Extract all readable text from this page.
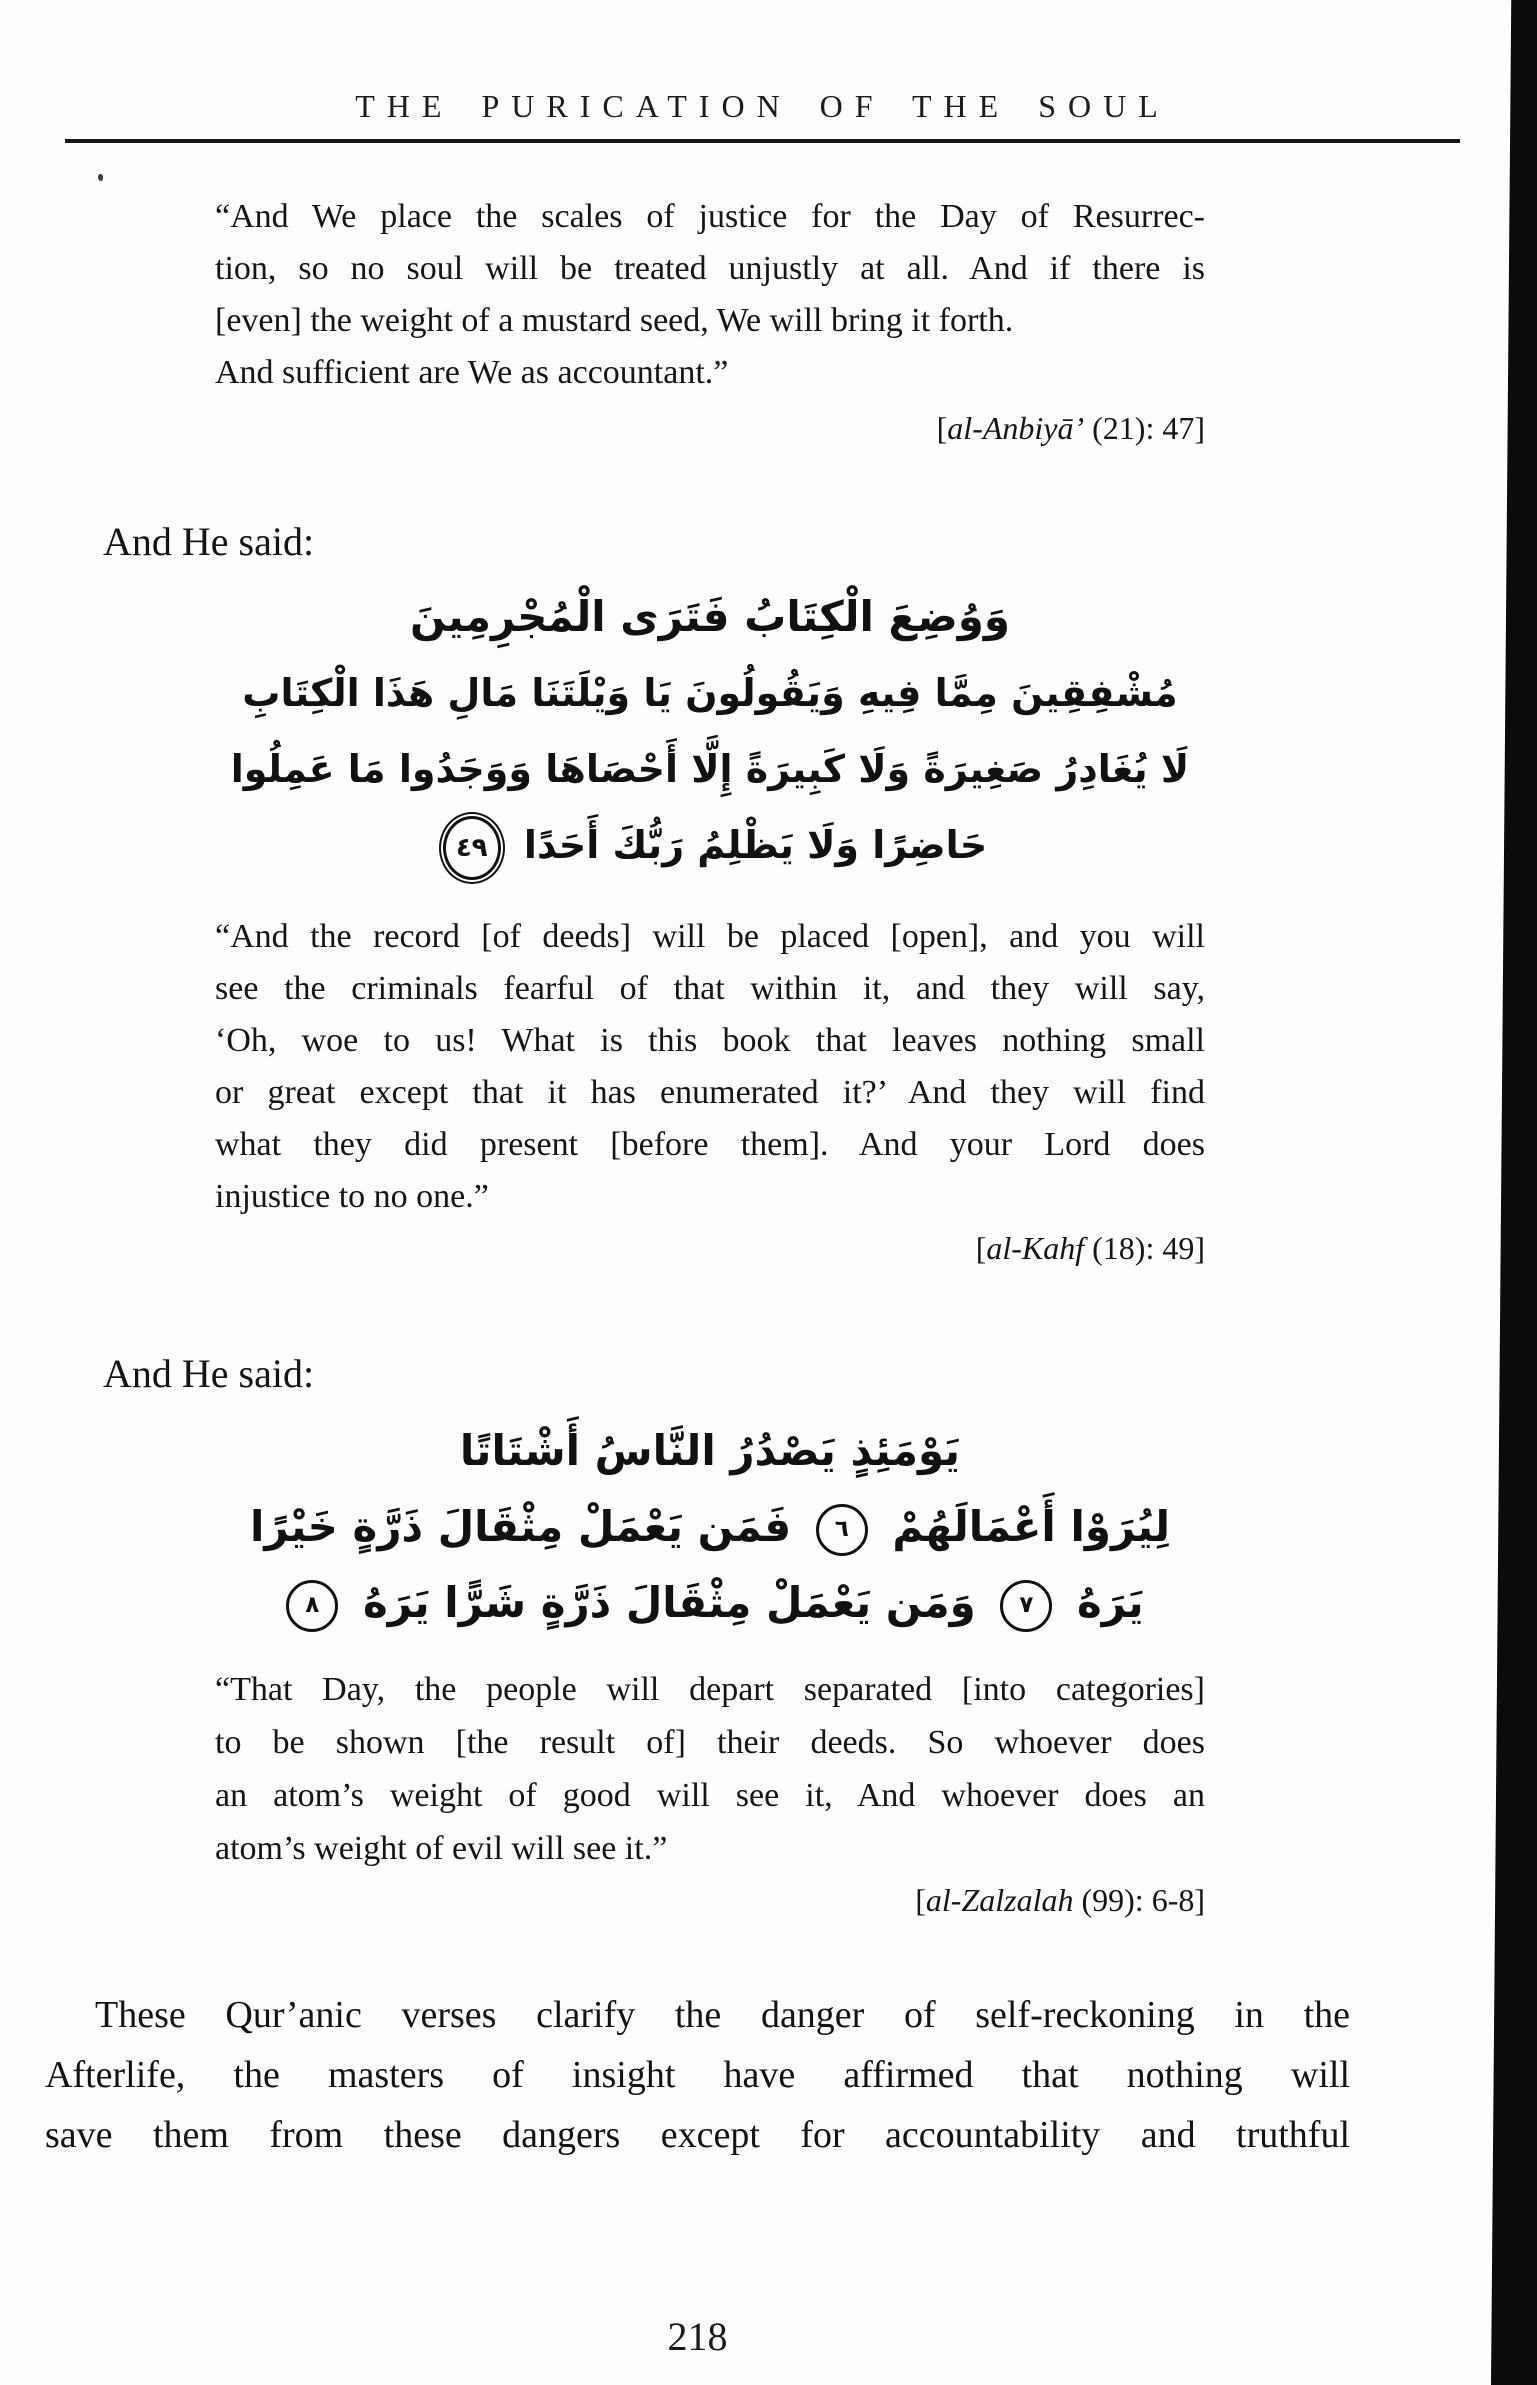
THE PURICATION OF THE SOUL
“And We place the scales of justice for the Day of Resurrec-
tion, so no soul will be treated unjustly at all. And if there is
[even] the weight of a mustard seed, We will bring it forth.
And sufficient are We as accountant.”
[al-Anbiyā’ (21): 47]
And He said:
وَوُضِعَ الْكِتَابُ فَتَرَى الْمُجْرِمِينَ
مُشْفِقِينَ مِمَّا فِيهِ وَيَقُولُونَ يَا وَيْلَتَنَا مَالِ هَذَا الْكِتَابِ
لَا يُغَادِرُ صَغِيرَةً وَلَا كَبِيرَةً إِلَّا أَحْصَاهَا وَوَجَدُوا مَا عَمِلُوا
حَاضِرًا وَلَا يَظْلِمُ رَبُّكَ أَحَدًا ٤٩
“And the record [of deeds] will be placed [open], and you will
see the criminals fearful of that within it, and they will say,
‘Oh, woe to us! What is this book that leaves nothing small
or great except that it has enumerated it?’ And they will find
what they did present [before them]. And your Lord does
injustice to no one.”
[al-Kahf (18): 49]
And He said:
يَوْمَئِذٍ يَصْدُرُ النَّاسُ أَشْتَاتًا
لِيُرَوْا أَعْمَالَهُمْ ٦ فَمَن يَعْمَلْ مِثْقَالَ ذَرَّةٍ خَيْرًا
يَرَهُ ٧ وَمَن يَعْمَلْ مِثْقَالَ ذَرَّةٍ شَرًّا يَرَهُ ٨
“That Day, the people will depart separated [into categories]
to be shown [the result of] their deeds. So whoever does
an atom’s weight of good will see it, And whoever does an
atom’s weight of evil will see it.”
[al-Zalzalah (99): 6-8]
These Qur’anic verses clarify the danger of self-reckoning in the
Afterlife, the masters of insight have affirmed that nothing will
save them from these dangers except for accountability and truthful
218
